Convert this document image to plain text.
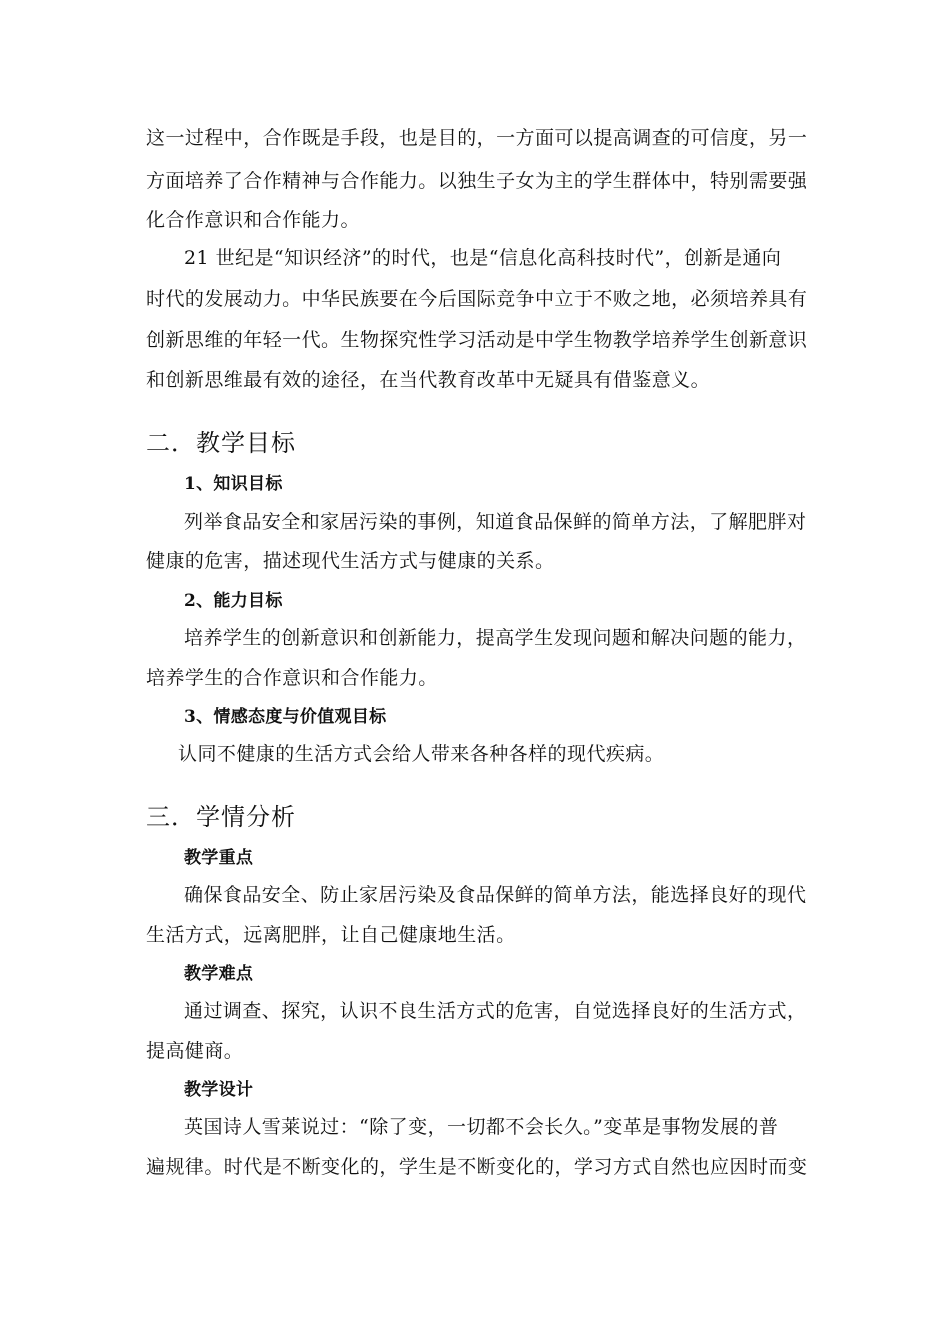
这一过程中，合作既是手段，也是目的，一方面可以提高调查的可信度，另一
方面培养了合作精神与合作能力。以独生子女为主的学生群体中，特别需要强
化合作意识和合作能力。
21 世纪是“知识经济”的时代，也是“信息化高科技时代”，创新是通向
时代的发展动力。中华民族要在今后国际竞争中立于不败之地，必须培养具有
创新思维的年轻一代。生物探究性学习活动是中学生物教学培养学生创新意识
和创新思维最有效的途径，在当代教育改革中无疑具有借鉴意义。
二．教学目标
1、知识目标
列举食品安全和家居污染的事例，知道食品保鲜的简单方法，了解肥胖对
健康的危害，描述现代生活方式与健康的关系。
2、能力目标
培养学生的创新意识和创新能力，提高学生发现问题和解决问题的能力，
培养学生的合作意识和合作能力。
3、情感态度与价值观目标
认同不健康的生活方式会给人带来各种各样的现代疾病。
三．学情分析
教学重点
确保食品安全、防止家居污染及食品保鲜的简单方法，能选择良好的现代
生活方式，远离肥胖，让自己健康地生活。
教学难点
通过调查、探究，认识不良生活方式的危害，自觉选择良好的生活方式，
提高健商。
教学设计
英国诗人雪莱说过：“除了变，一切都不会长久。”变革是事物发展的普
遍规律。时代是不断变化的，学生是不断变化的，学习方式自然也应因时而变
